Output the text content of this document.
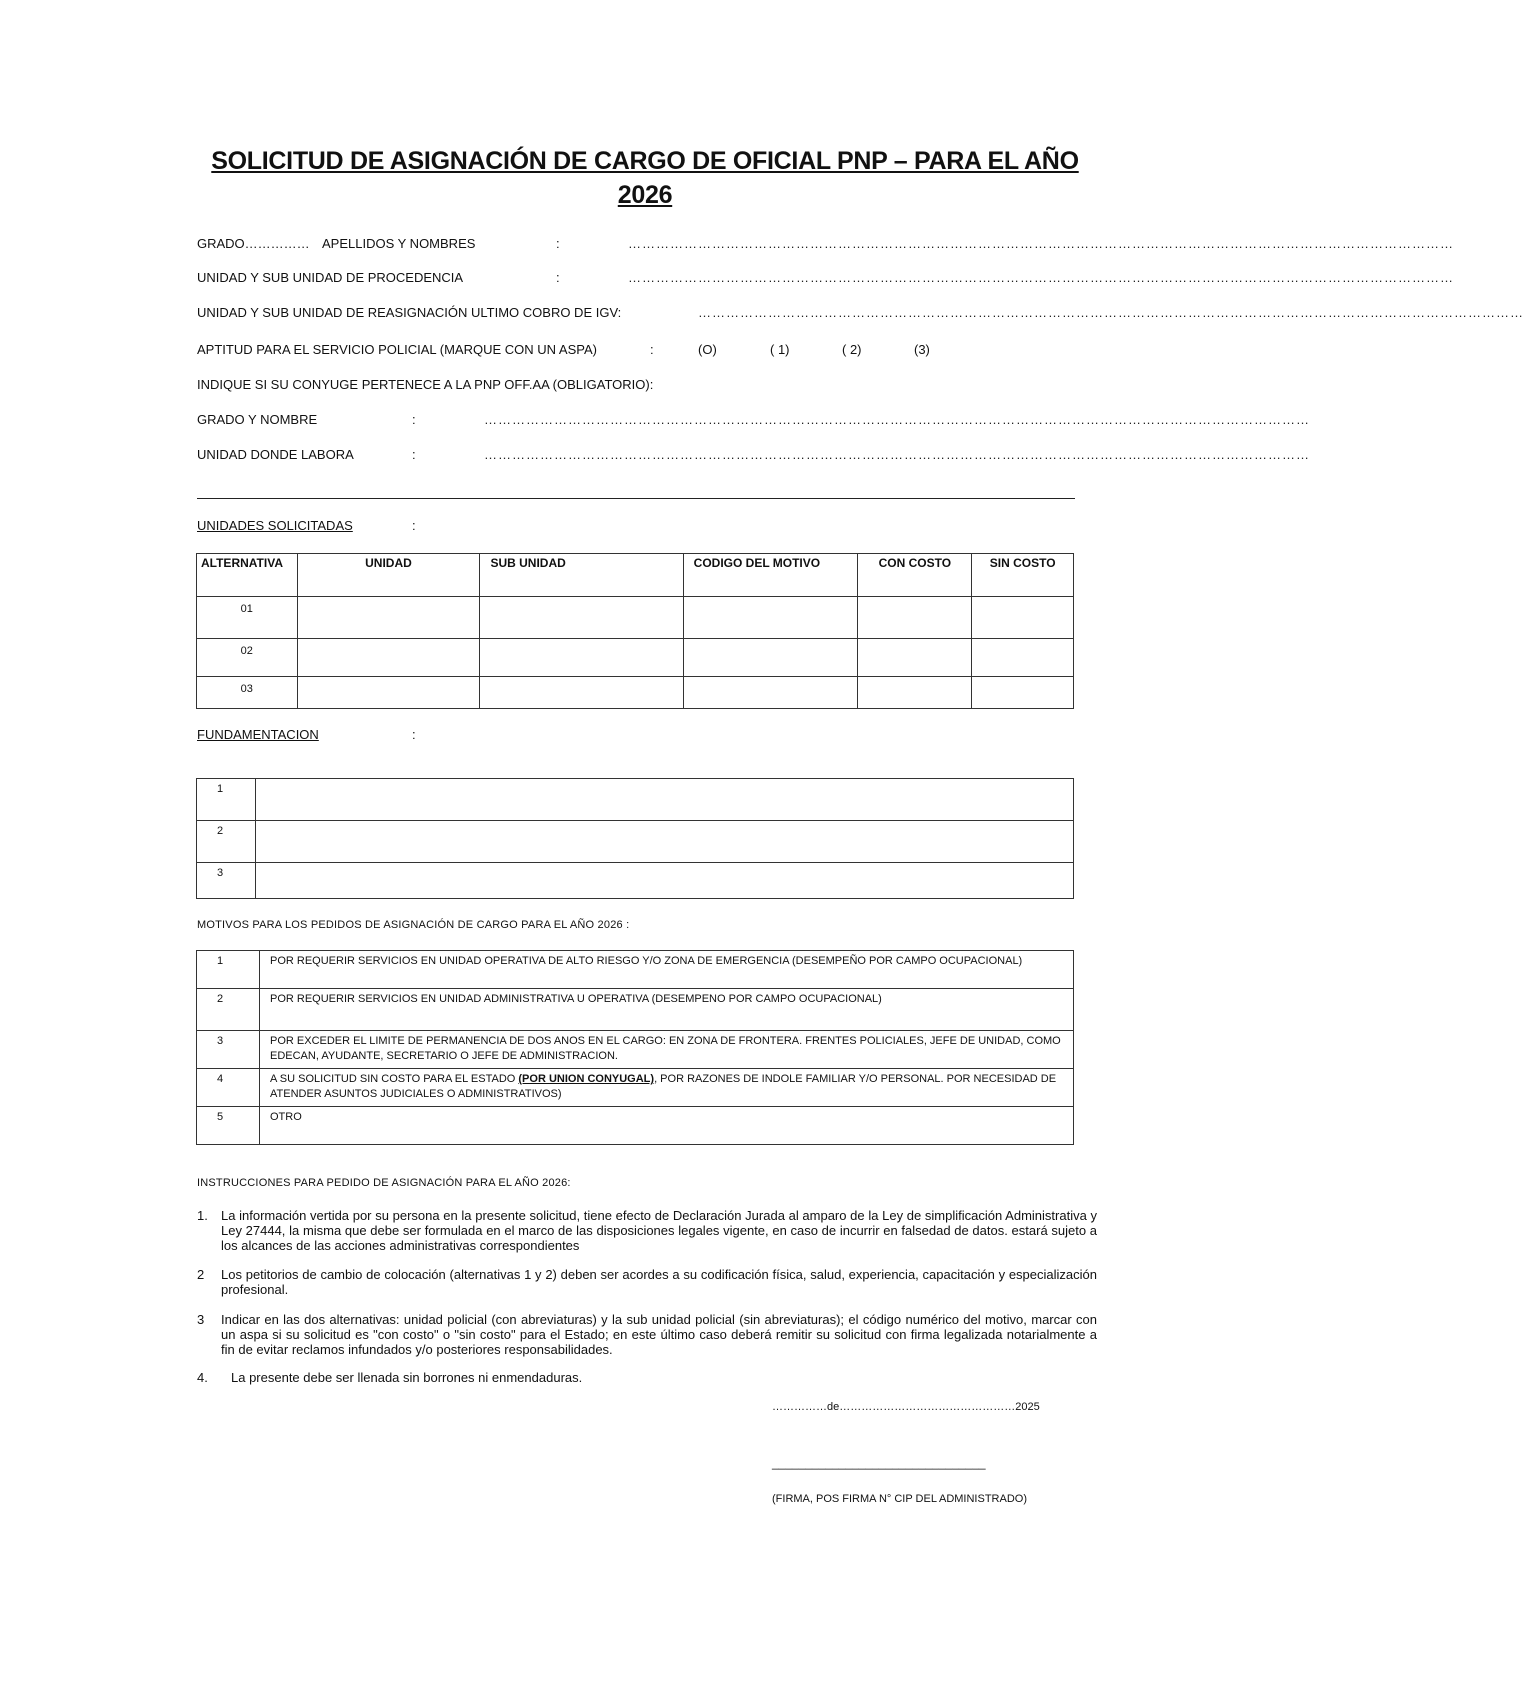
SOLICITUD DE ASIGNACIÓN DE CARGO DE OFICIAL PNP – PARA EL AÑO
2026
GRADO…………… APELLIDOS Y NOMBRES	:	……………………………………………………………………………………………………………………………………………………………
UNIDAD Y SUB UNIDAD DE PROCEDENCIA	:	……………………………………………………………………………………………………………………………………………………………
UNIDAD Y SUB UNIDAD DE REASIGNACIÓN ULTIMO COBRO DE IGV:	……………………………………………………………………………………………………………………………………………………………
APTITUD PARA EL SERVICIO POLICIAL (MARQUE CON UN ASPA)	:	(O)	( 1)	( 2)	(3)
INDIQUE SI SU CONYUGE PERTENECE A LA PNP OFF.AA (OBLIGATORIO):
GRADO Y NOMBRE	:	……………………………………………………………………………………………………………………………………………………………
UNIDAD DONDE LABORA	:	……………………………………………………………………………………………………………………………………………………………
UNIDADES SOLICITADAS	:
ALTERNATIVA	UNIDAD	SUB UNIDAD	CODIGO DEL MOTIVO	CON COSTO	SIN COSTO
01					
02					
03					
FUNDAMENTACION	:
1	
2	
3	
MOTIVOS PARA LOS PEDIDOS DE ASIGNACIÓN DE CARGO PARA EL AÑO 2026 :
1	POR REQUERIR SERVICIOS EN UNIDAD OPERATIVA DE ALTO RIESGO Y/O ZONA DE EMERGENCIA (DESEMPEÑO POR CAMPO OCUPACIONAL)
2	POR REQUERIR SERVICIOS EN UNIDAD ADMINISTRATIVA U OPERATIVA (DESEMPENO POR CAMPO OCUPACIONAL)
3	POR EXCEDER EL LIMITE DE PERMANENCIA DE DOS ANOS EN EL CARGO: EN ZONA DE FRONTERA. FRENTES POLICIALES, JEFE DE UNIDAD, COMO EDECAN, AYUDANTE, SECRETARIO O JEFE DE ADMINISTRACION.
4	A SU SOLICITUD SIN COSTO PARA EL ESTADO (POR UNION CONYUGAL), POR RAZONES DE INDOLE FAMILIAR Y/O PERSONAL. POR NECESIDAD DE ATENDER ASUNTOS JUDICIALES O ADMINISTRATIVOS)
5	OTRO
INSTRUCCIONES PARA PEDIDO DE ASIGNACIÓN PARA EL AÑO 2026:
1. La información vertida por su persona en la presente solicitud, tiene efecto de Declaración Jurada al amparo de la Ley de simplificación Administrativa y Ley 27444, la misma que debe ser formulada en el marco de las disposiciones legales vigente, en caso de incurrir en falsedad de datos. estará sujeto a los alcances de las acciones administrativas correspondientes
2 Los petitorios de cambio de colocación (alternativas 1 y 2) deben ser acordes a su codificación física, salud, experiencia, capacitación y especialización profesional.
3 Indicar en las dos alternativas: unidad policial (con abreviaturas) y la sub unidad policial (sin abreviaturas); el código numérico del motivo, marcar con un aspa si su solicitud es "con costo" o "sin costo" para el Estado; en este último caso deberá remitir su solicitud con firma legalizada notarialmente a fin de evitar reclamos infundados y/o posteriores responsabilidades.
4. La presente debe ser llenada sin borrones ni enmendaduras.
……………de…………………………………………2025
________________________________
(FIRMA, POS FIRMA N° CIP DEL ADMINISTRADO)
